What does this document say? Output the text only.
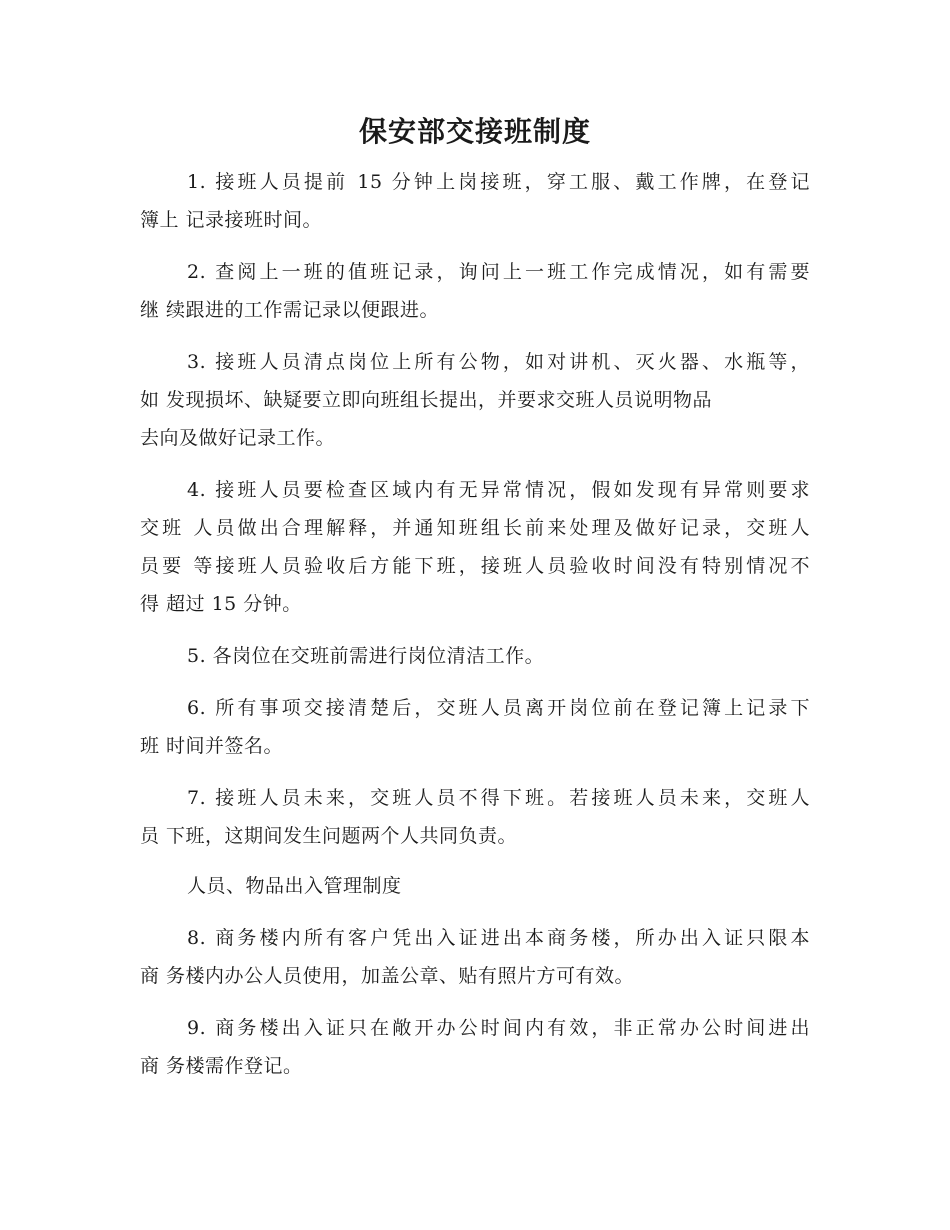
保安部交接班制度
1. 接班人员提前 15 分钟上岗接班，穿工服、戴工作牌，在登记
簿上 记录接班时间。
2. 查阅上一班的值班记录，询问上一班工作完成情况，如有需要
继 续跟进的工作需记录以便跟进。
3. 接班人员清点岗位上所有公物，如对讲机、灭火器、水瓶等，
如 发现损坏、缺疑要立即向班组长提出，并要求交班人员说明物品
去向及做好记录工作。
4. 接班人员要检查区域内有无异常情况，假如发现有异常则要求
交班 人员做出合理解释，并通知班组长前来处理及做好记录，交班人
员要 等接班人员验收后方能下班，接班人员验收时间没有特别情况不
得 超过 15 分钟。
5. 各岗位在交班前需进行岗位清洁工作。
6. 所有事项交接清楚后，交班人员离开岗位前在登记簿上记录下
班 时间并签名。
7. 接班人员未来，交班人员不得下班。若接班人员未来，交班人
员 下班，这期间发生问题两个人共同负责。
人员、物品出入管理制度
8. 商务楼内所有客户凭出入证进出本商务楼，所办出入证只限本
商 务楼内办公人员使用，加盖公章、贴有照片方可有效。
9. 商务楼出入证只在敞开办公时间内有效，非正常办公时间进出
商 务楼需作登记。
